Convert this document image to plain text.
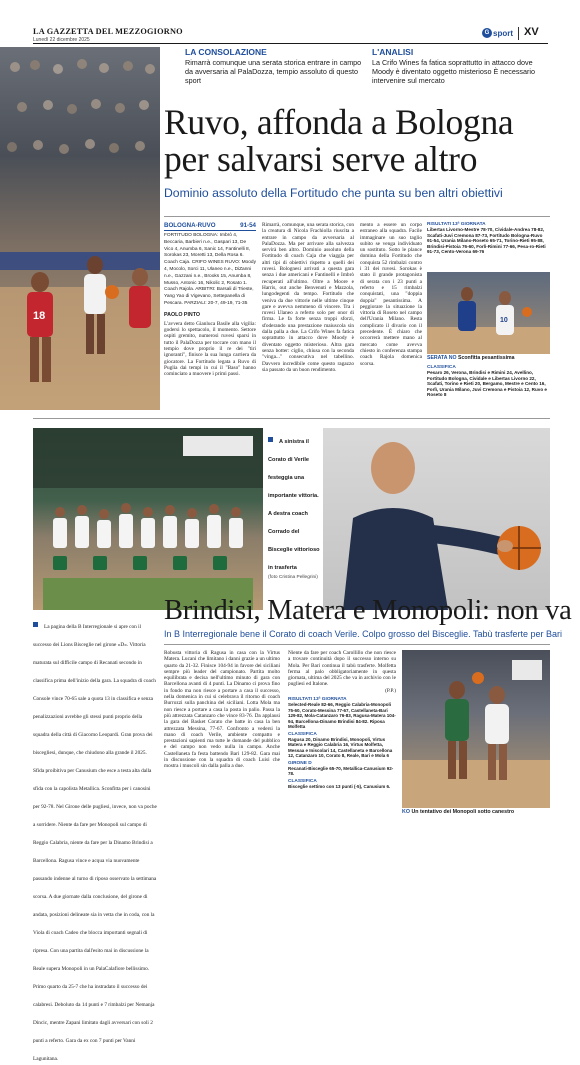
LA GAZZETTA DEL MEZZOGIORNO
Lunedì 22 dicembre 2025
G sport XV
18
LA CONSOLAZIONE
Rimarrà comunque una serata storica entrare in campo da avversaria al PalaDozza, tempio assoluto di questo sport
L'ANALISI
La Crifo Wines fa fatica soprattutto in attacco dove Moody è diventato oggetto misterioso È necessario intervenire sul mercato
Ruvo, affonda a Bologna per salvarsi serve altro
Dominio assoluto della Fortitudo che punta su ben altri obiettivi
BOLOGNA-RUVO	91-54
FORTITUDO BOLOGNA: Imbrò 4, Beccaria, Barbieri n.e., Gaspari 13, De Vico 4, Anumba 6, Sanic 14, Fantinelli 8, Sorokas 23, Moretti 13, Della Rosa 6. Coach Caja. CRIFO WINES RUVO: Moody 4, Mocolo, Sorci 11, Ulaneo n.e., DiZanni n.e., Gazzani n.e., Brooks 15, Anumba 8, Musso, Antonic 16, Nikolic 2, Rosato 1. Coach Rajola. ARBITRI: Barsali di Trieste, Yang Yao di Vigevano, Settepanella di Pescara. PARZIALI: 20-7, 49-19, 71-35
PAOLO PINTO
L'avvera detto Gianluca Basile alla vigilia: godersi lo spettacolo, il momento. Settore ospiti gremito, numerosi ruvesi sparsi in tutto il PalaDozza per toccare con mano il tempio dove proprio il re dei "tiri ignoranti", finisce la sua lunga carriera da giocatore. La Fortitudo legata a Ruvo di Puglia dai tempi in cui il "Baso" hanno cominciato a muovere i primi passi.
Rimarrà, comunque, una serata storica, con la creatura di Nicola Frachiolla riuscita a entrare in campo da avversaria al PalaDozza. Ma per arrivare alla salvezza servirà ben altro. Dominio assoluto della Fortitudo di coach Caja che viaggia per altri tipi di obiettivi rispetto a quelli dei ruvesi. Bolognesi arrivati a questa gara senza i due americani e Fantinelli e Imbrò recuperati all'ultimo. Oltre a Moore e Harris, out anche Benvenuti e Mazzola, lungodegenti da tempo. Fortitudo che veniva da due vittorie nelle ultime cinque gare e avevva nemmeno di vincere. Tra i ruvesi Ulaneo a referto solo per onor di firma. Le fa forte senza troppi sforzi, sfoderando una prestazione maiuscola sin dalla palla a due. La Crifo Wines fa fatica soprattutto in attacco dove Moody è diventato oggetto misterioso. Altra gara senza botter: ciglio, chiusa con la seconda "vinga..." consecutiva nel tabellino. Davvero incredibile come questo ragazzo sia passato da un buon rendimento.
mento a essere un corpo estraneo alla squadra. Facile immaginare un suo taglio subito se venga individuato un sostituto. Sotto le plance domina della Fortitudo che conquista 52 rimbalzi contro i 31 dei ruvesi. Sorokas è stato il grande protagonista di serata con i 23 punti a referto e 15 rimbalzi conquistati, una "doppia doppia" pesantissima. A peggiorare la situazione la vittoria di Roseto nel campo dell'Urania Milano. Resta complicato il divario con il precedente. È chiaro che occorrerà mettere mano al mercato come avevva chiesto in conferenza stampa coach Rajola domenica scorsa.
RISULTATI 13ª GIORNATA
Libertas Livorno-Mestre 78-70, Cividale-Andrea 78-82, Scafati-Juvi Cremona 87-73, Fortitudo Bologna-Ruvo 91-54, Urania Milano-Roseto 65-71, Torino-Rieti 95-88, Brindisi-Pistoia 76-60, Forlì-Rimini 77-66, Pesa-ro-Rieti 91-73, Cento-Verona 69-76
10
SERATA NO Sconfitta pesantissima
CLASSIFICA
Pesaro 26, Verona, Brindisi e Rimini 24, Avellino, Fortitudo Bologna, Cividale e Libertas Livorno 22, Scafati, Torino e Rieti 20, Bergamo, Mestre e Cento 16, Forlì, Urania Milano, Juvi Cremona e Pistoia 12, Ruvo e Roseto 8
A sinistra il Corato di Verile festeggia una importante vittoria. A destra coach Corrado del Bisceglie vittorioso in trasferta
(foto Cristina Pellegrini)
La pagina della B Interregionale si apre con il successo dei Lions Bisceglie nel girone «D». Vittoria maturata sul difficile campo di Recanati secondo in classifica prima dell'inizio della gara. La squadra di coach Console vince 70-65 sale a quota 13 in classifica e senza penalizzazioni avrebbe gli stessi punti proprio della squadra della città di Giacomo Leopardi. Gran prova dei biscegliesi, dunque, che chiudono alla grande il 2025. Sfida proibitiva per Canusium che esce a testa alta dalla sfida con la capolista Metallica. Sconfitta per i canosini per 92-78. Nel Girone delle pugliesi, invece, non va poche a sorridere. Niente da fare per Monopoli sul campo di Reggio Calabria, niente da fare per la Dinamo Brindisi a Barcellona. Ragusa vince e acqua via nuovamente passando indenne al turno di riposo osservato la settimana scorsa. A due giornate dalla conclusione, del girone di andata, posizioni delineate sia in vetta che in coda, con la Viola di coach Cadeo che blocca importanti segnali di ripresa. Con una partita dall'esito mai in discussione la Reale supera Monopoli in un PalaCalafiore bellissimo. Primo quarto da 25-7 che ha instradato il successo dei calabresi. Deboluto da 14 punti e 7 rimbalzi per Nemanja Dincic, mentre Zapani limitato dagli avversari con soli 2 punti a referto. Gara da ex con 7 punti per Vanni Lagunitana.
Brindisi, Matera e Monopoli: non va
In B Interregionale bene il Corato di coach Verile. Colpo grosso del Bisceglie. Tabù trasferte per Bari
Robusta vittoria di Ragusa in casa con la Virtus Matera. Lucani che limitano i danni grazie a un ultimo quarto da 21-32. Finisce 104-94 in favore dei siciliani sempre più leader del campionato. Partita molto equilibrata e decisa nell'ultimo minuto di gara con Barcellona avanti di 4 punti. La Dinamo ci prova fino in fondo ma non riesce a portare a casa il successo, nella domenica in cui si celebrava il ritorno di coach Burrozzi sulla panchina del siciliani. Lotta Mola ma non riesce a portare a casa la posta in palio. Passa la più attrezzata Catanzaro che vince 83-76. Da applausi la gara del Basket Corato che batte in casa la ben attrezzata Messina, 77-67. Confronto a vedersi la mano di coach Verile, ambiente compatto e prestazioni sapienti ma tutte le domande del pubblico e del campo non vedo nulla in campo. Anche Castellaneta fa festa battendo Bari 129-82. Gara mai in discussione con la squadra di coach Luisi che mostra i muscoli sin dalla palla a due.
Niente da fare per coach Carollillo che non riesce a trovare continuità dopo il successo interno su Mola. Per Bari continua il tabù trasferte. Molfetta ferma al palo obbligatoriamente in questa giornata, ultima del 2025 che va in archivio con le pugliesi ed Italone.
(P.P.)
RISULTATI 13ª GIORNATA
Selected-Reale 82-66, Reggio Calabria-Monopoli 75-60, Corato-Messina 77-67, Castellaneta-Bari 129-82, Mola-Catanzaro 76-83, Ragusa-Matera 104-94, Barcellona-Dinamo Brindisi 84-82. Riposa Molfetta
CLASSIFICA
Ragusa 20, Dinamo Brindisi, Monopoli, Virtus Matera e Reggio Calabria 16, Virtus Molfetta, Messaa e Iniscolari 14, Castellaneta e Barcellona 12, Catanzaro 10, Corato 8, Reale, Bari e Mola 6
GIRONE D
Recanati-Bisceglie 65-70, Metallica-Canusium 92-78.
CLASSIFICA
Bisceglie settimo con 13 punti (-5), Canusium 6.
KO Un tentativo dei Monopoli sotto canestro
